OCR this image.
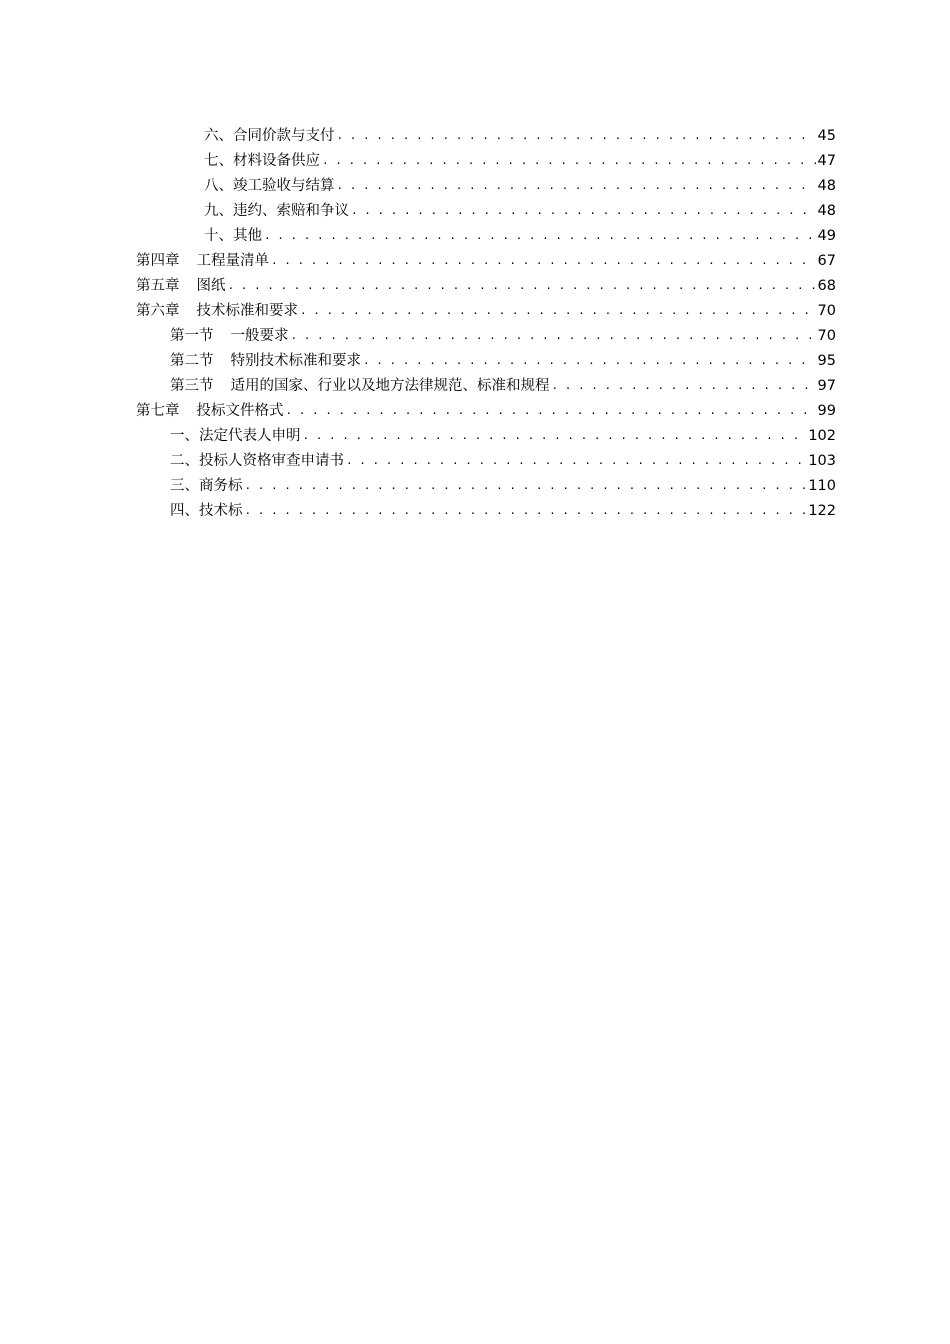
六、合同价款与支付 . . .	45
七、材料设备供应 . . .	47
八、竣工验收与结算 . . .	48
九、违约、索赔和争议 . . .	48
十、其他 . . .	49
第四章 工程量清单 . . .	67
第五章 图纸 . . .	68
第六章 技术标准和要求 . . .	70
第一节 一般要求 . . .	70
第二节 特别技术标准和要求 . . .	95
第三节 适用的国家、行业以及地方法律规范、标准和规程 . . .	97
第七章 投标文件格式 . . .	99
一、法定代表人申明 . . .	102
二、投标人资格审查申请书 . . .	103
三、商务标 . . .	110
四、技术标 . . .	122
